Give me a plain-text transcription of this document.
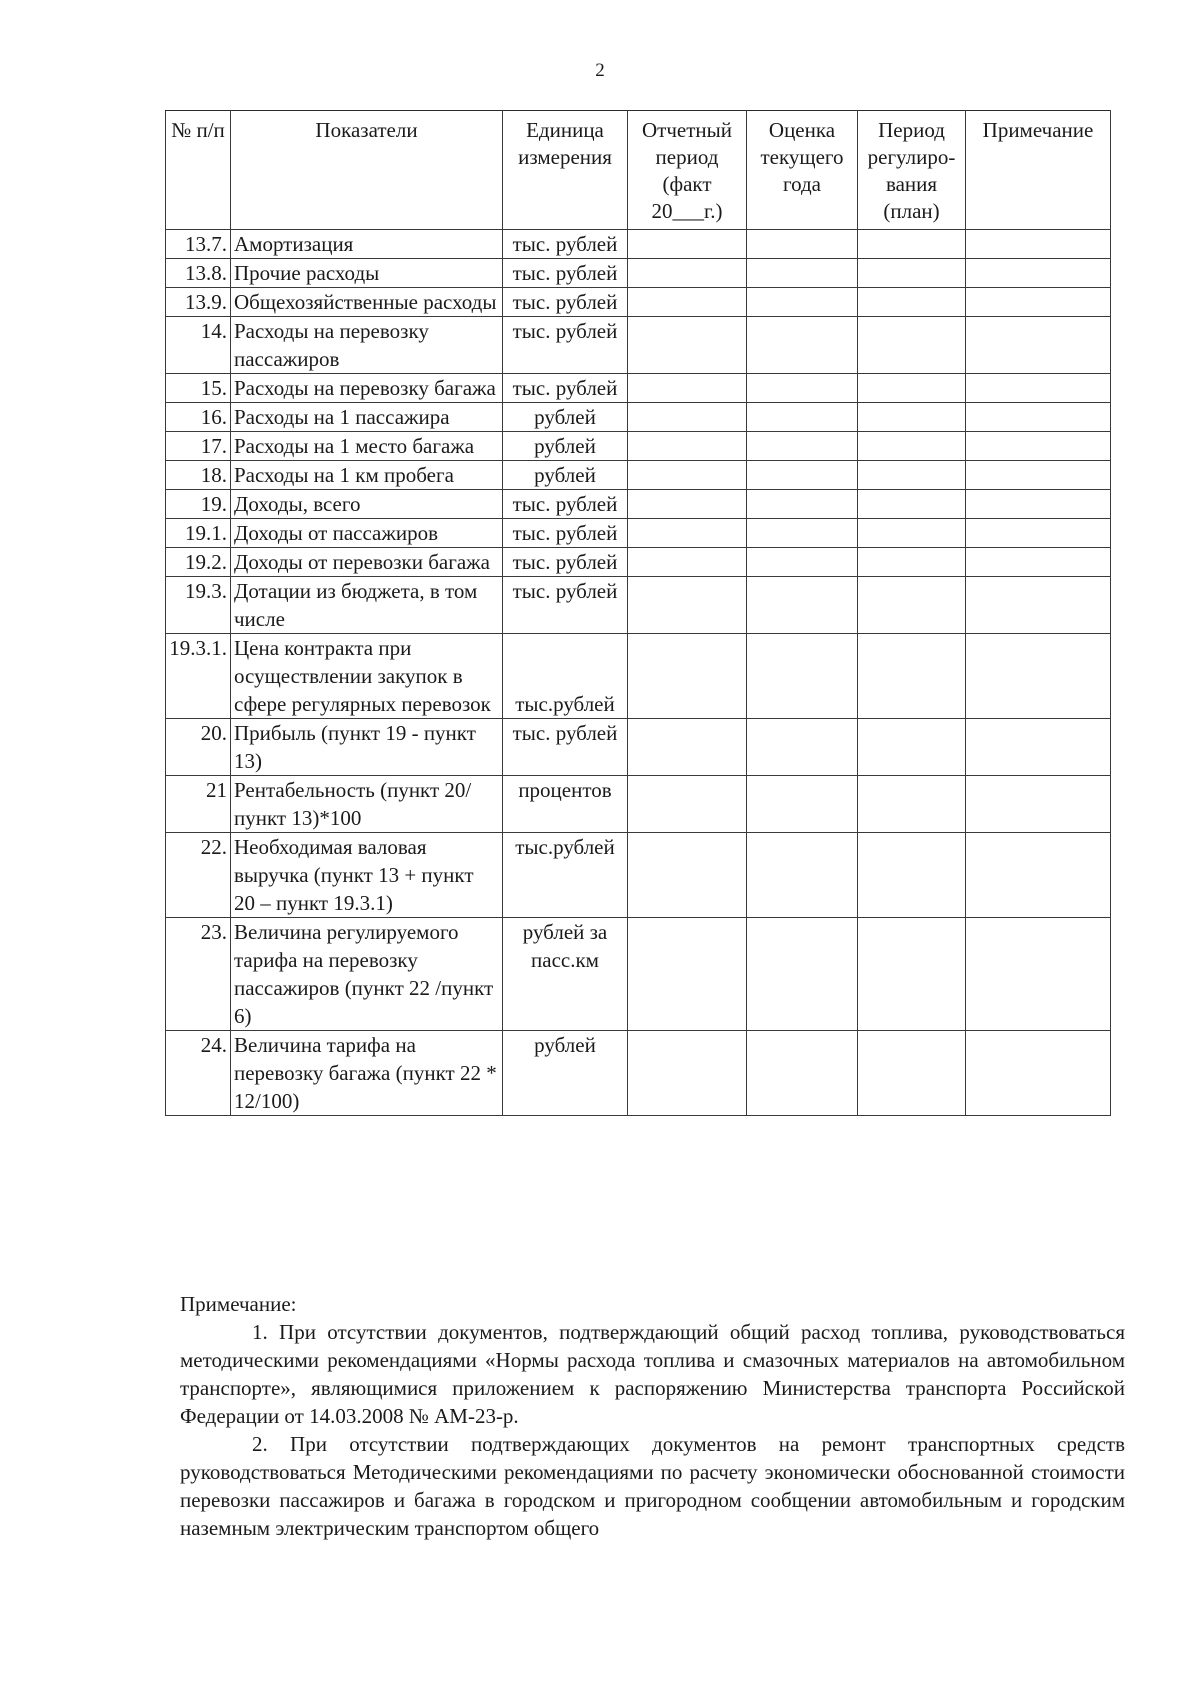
2
№ п/п	Показатели	Единица измерения	Отчетный период (факт 20___г.)	Оценка текущего года	Период регулиро-вания (план)	Примечание
13.7.	Амортизация	тыс. рублей				
13.8.	Прочие расходы	тыс. рублей				
13.9.	Общехозяйственные расходы	тыс. рублей				
14.	Расходы на перевозку пассажиров	тыс. рублей				
15.	Расходы на перевозку багажа	тыс. рублей				
16.	Расходы на 1 пассажира	рублей				
17.	Расходы на 1 место багажа	рублей				
18.	Расходы на 1 км пробега	рублей				
19.	Доходы, всего	тыс. рублей				
19.1.	Доходы от пассажиров	тыс. рублей				
19.2.	Доходы от перевозки багажа	тыс. рублей				
19.3.	Дотации из бюджета, в том числе	тыс. рублей				
19.3.1.	Цена контракта при осуществлении закупок в сфере регулярных перевозок	тыс.рублей				
20.	Прибыль (пункт 19 - пункт 13)	тыс. рублей				
21	Рентабельность (пункт 20/ пункт 13)*100	процентов				
22.	Необходимая валовая выручка (пункт 13 + пункт 20 – пункт 19.3.1)	тыс.рублей				
23.	Величина регулируемого тарифа на перевозку пассажиров (пункт 22 /пункт 6)	рублей за пасс.км				
24.	Величина тарифа на перевозку багажа (пункт 22 * 12/100)	рублей				

Примечание:

1. При отсутствии документов, подтверждающий общий расход топлива, руководствоваться методическими рекомендациями «Нормы расхода топлива и смазочных материалов на автомобильном транспорте», являющимися приложением к распоряжению Министерства транспорта Российской Федерации от 14.03.2008 № АМ-23-р.

2. При отсутствии подтверждающих документов на ремонт транспортных средств руководствоваться Методическими рекомендациями по расчету экономически обоснованной стоимости перевозки пассажиров и багажа в городском и пригородном сообщении автомобильным и городским наземным электрическим транспортом общего
